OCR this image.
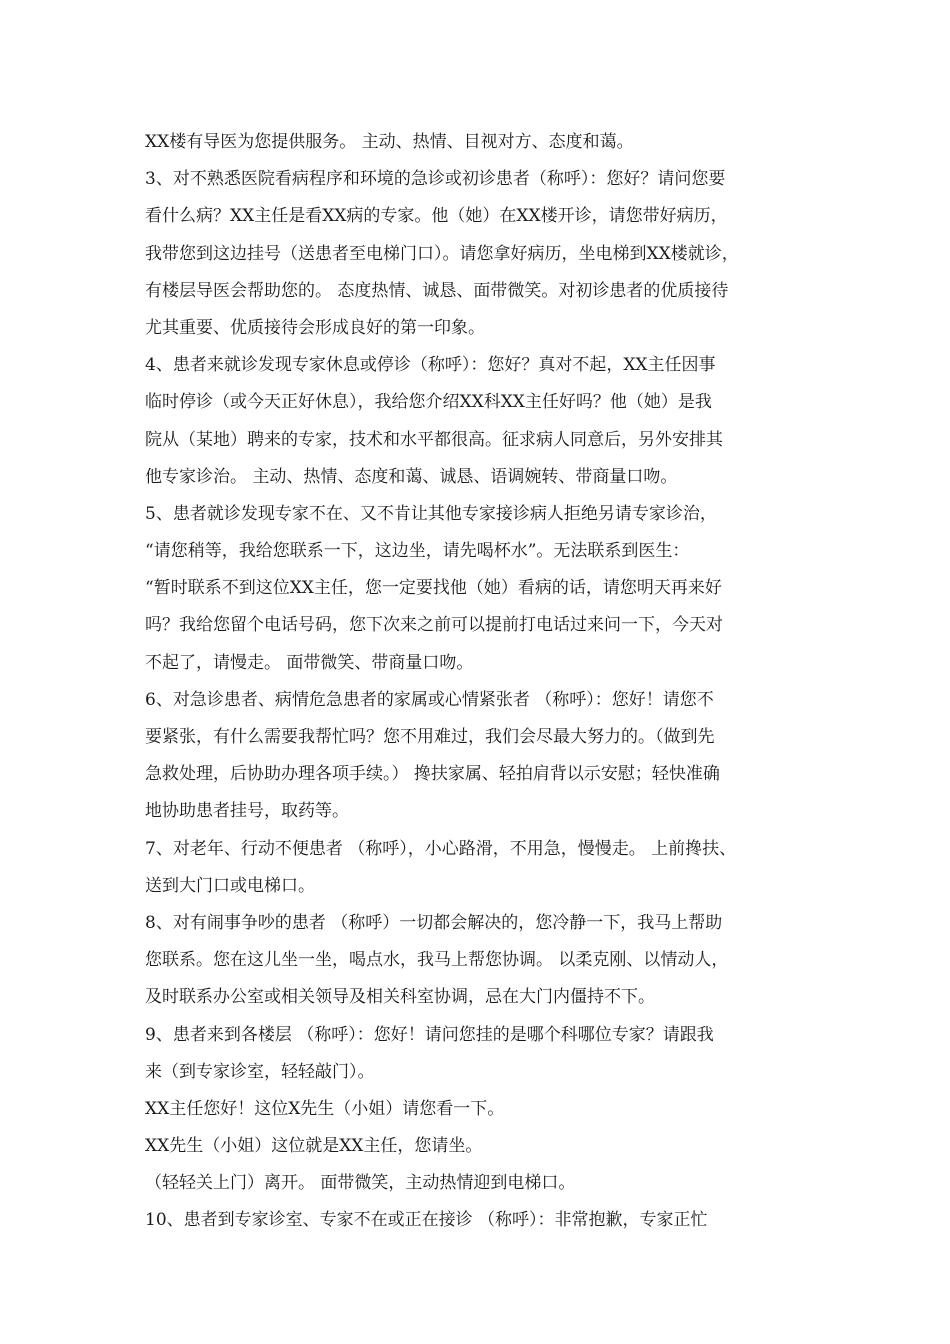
XX楼有导医为您提供服务。 主动、热情、目视对方、态度和蔼。
3、对不熟悉医院看病程序和环境的急诊或初诊患者（称呼）：您好？请问您要
看什么病？XX主任是看XX病的专家。他（她）在XX楼开诊，请您带好病历，
我带您到这边挂号（送患者至电梯门口）。请您拿好病历，坐电梯到XX楼就诊，
有楼层导医会帮助您的。 态度热情、诚恳、面带微笑。对初诊患者的优质接待
尤其重要、优质接待会形成良好的第一印象。
4、患者来就诊发现专家休息或停诊（称呼）：您好？真对不起，XX主任因事
临时停诊（或今天正好休息），我给您介绍XX科XX主任好吗？他（她）是我
院从（某地）聘来的专家，技术和水平都很高。征求病人同意后，另外安排其
他专家诊治。 主动、热情、态度和蔼、诚恳、语调婉转、带商量口吻。
5、患者就诊发现专家不在、又不肯让其他专家接诊病人拒绝另请专家诊治，
“请您稍等，我给您联系一下，这边坐，请先喝杯水”。无法联系到医生：
“暂时联系不到这位XX主任，您一定要找他（她）看病的话，请您明天再来好
吗？我给您留个电话号码，您下次来之前可以提前打电话过来问一下，今天对
不起了，请慢走。 面带微笑、带商量口吻。
6、对急诊患者、病情危急患者的家属或心情紧张者 （称呼）：您好！请您不
要紧张，有什么需要我帮忙吗？您不用难过，我们会尽最大努力的。（做到先
急救处理，后协助办理各项手续。） 搀扶家属、轻拍肩背以示安慰；轻快准确
地协助患者挂号，取药等。
7、对老年、行动不便患者 （称呼），小心路滑，不用急，慢慢走。 上前搀扶、
送到大门口或电梯口。
8、对有闹事争吵的患者 （称呼）一切都会解决的，您冷静一下，我马上帮助
您联系。您在这儿坐一坐，喝点水，我马上帮您协调。 以柔克刚、以情动人，
及时联系办公室或相关领导及相关科室协调，忌在大门内僵持不下。
9、患者来到各楼层 （称呼）：您好！请问您挂的是哪个科哪位专家？请跟我
来（到专家诊室，轻轻敲门）。
XX主任您好！这位X先生（小姐）请您看一下。
XX先生（小姐）这位就是XX主任，您请坐。
（轻轻关上门）离开。 面带微笑，主动热情迎到电梯口。
10、患者到专家诊室、专家不在或正在接诊 （称呼）：非常抱歉，专家正忙
